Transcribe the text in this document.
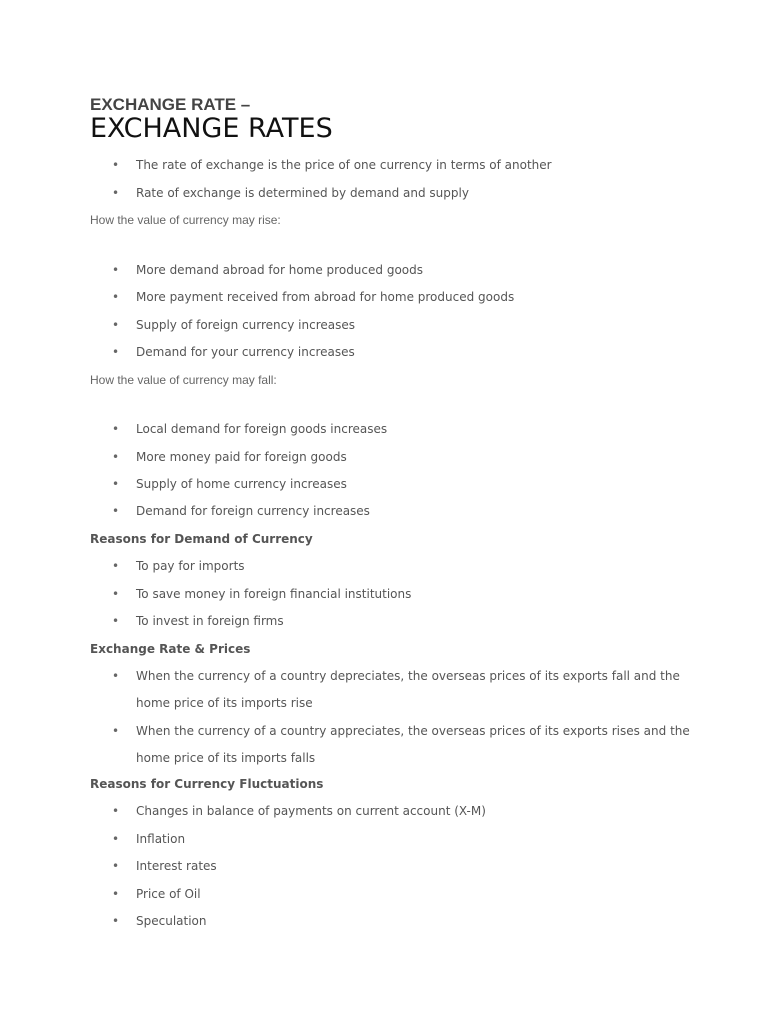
EXCHANGE RATE –
EXCHANGE RATES
• The rate of exchange is the price of one currency in terms of another
• Rate of exchange is determined by demand and supply
How the value of currency may rise:
• More demand abroad for home produced goods
• More payment received from abroad for home produced goods
• Supply of foreign currency increases
• Demand for your currency increases
How the value of currency may fall:
• Local demand for foreign goods increases
• More money paid for foreign goods
• Supply of home currency increases
• Demand for foreign currency increases
Reasons for Demand of Currency
• To pay for imports
• To save money in foreign financial institutions
• To invest in foreign firms
Exchange Rate & Prices
• When the currency of a country depreciates, the overseas prices of its exports fall and the
home price of its imports rise
• When the currency of a country appreciates, the overseas prices of its exports rises and the
home price of its imports falls
Reasons for Currency Fluctuations
• Changes in balance of payments on current account (X-M)
• Inflation
• Interest rates
• Price of Oil
• Speculation
